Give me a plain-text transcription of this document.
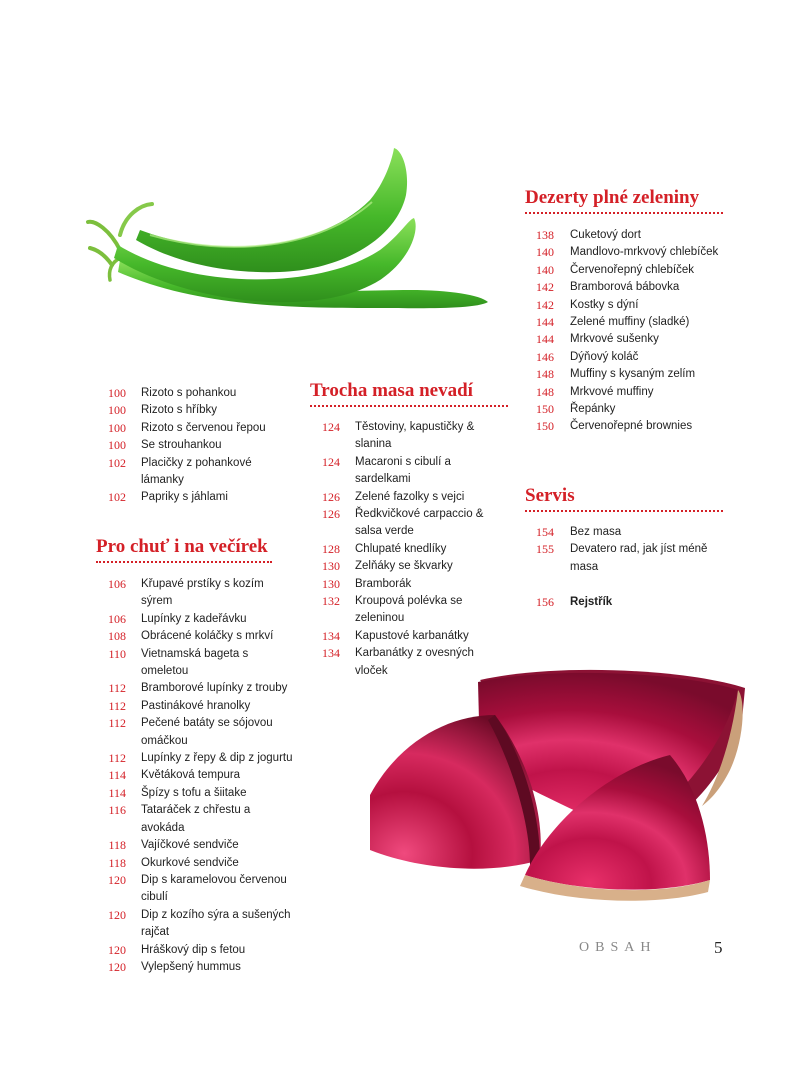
100	Rizoto s pohankou
100	Rizoto s hříbky
100	Rizoto s červenou řepou
100	Se strouhankou
102	Placičky z pohankové lámanky
102	Papriky s jáhlami
Pro chuť i na večírek
106	Křupavé prstíky s kozím sýrem
106	Lupínky z kadeřávku
108	Obrácené koláčky s mrkví
110	Vietnamská bageta s omeletou
112	Bramborové lupínky z trouby
112	Pastinákové hranolky
112	Pečené batáty se sójovou omáčkou
112	Lupínky z řepy & dip z jogurtu
114	Květáková tempura
114	Špízy s tofu a šiitake
116	Tataráček z chřestu a avokáda
118	Vajíčkové sendviče
118	Okurkové sendviče
120	Dip s karamelovou červenou cibulí
120	Dip z kozího sýra a sušených rajčat
120	Hráškový dip s fetou
120	Vylepšený hummus
Trocha masa nevadí
124	Těstoviny, kapustičky & slanina
124	Macaroni s cibulí a sardelkami
126	Zelené fazolky s vejci
126	Ředkvičkové carpaccio & salsa verde
128	Chlupaté knedlíky
130	Zelňáky se škvarky
130	Bramborák
132	Kroupová polévka se zeleninou
134	Kapustové karbanátky
134	Karbanátky z ovesných vloček
Dezerty plné zeleniny
138	Cuketový dort
140	Mandlovo-mrkvový chlebíček
140	Červenořepný chlebíček
142	Bramborová bábovka
142	Kostky s dýní
144	Zelené muffiny (sladké)
144	Mrkvové sušenky
146	Dýňový koláč
148	Muffiny s kysaným zelím
148	Mrkvové muffiny
150	Řepánky
150	Červenořepné brownies
Servis
154	Bez masa
155	Devatero rad, jak jíst méně masa
156	Rejstřík
OBSAH	5
